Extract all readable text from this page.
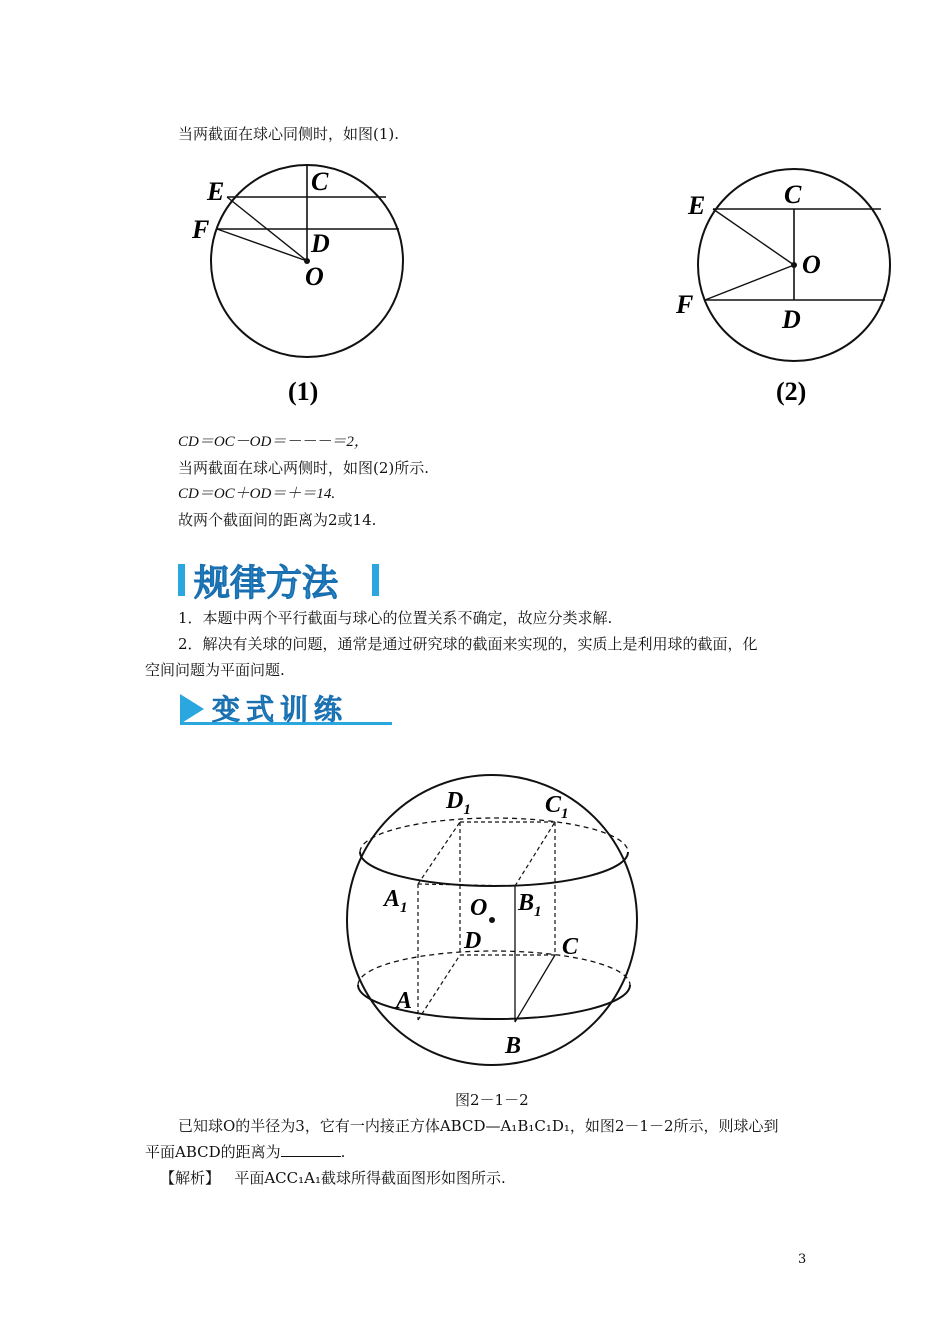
当两截面在球心同侧时，如图(1).
E
F
C
D
O
(1)
E
F
C
O
D
(2)
CD＝OC－OD＝－－－＝2，
当两截面在球心两侧时，如图(2)所示.
CD＝OC＋OD＝＋＝14.
故两个截面间的距离为2或14.
规律方法
1．本题中两个平行截面与球心的位置关系不确定，故应分类求解.
2．解决有关球的问题，通常是通过研究球的截面来实现的，实质上是利用球的截面，化
空间问题为平面问题.
变式训练
$D_1$	$C_1$
$A_1$	$B_1$
O
D	C
A
B
图2－1－2
已知球O的半径为3，它有一内接正方体ABCD—A₁B₁C₁D₁，如图2－1－2所示，则球心到
平面ABCD的距离为	.
【解析】 平面ACC₁A₁截球所得截面图形如图所示.
3
